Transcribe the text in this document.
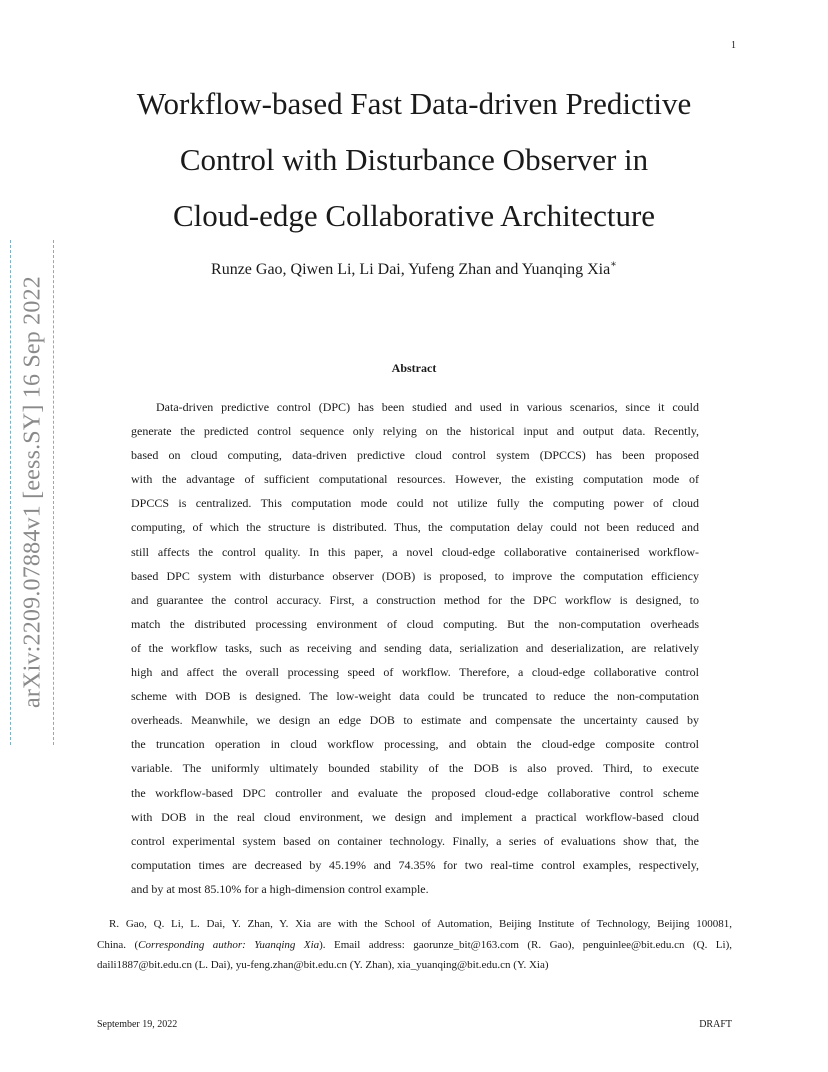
1
arXiv:2209.07884v1 [eess.SY] 16 Sep 2022
Workflow-based Fast Data-driven Predictive
Control with Disturbance Observer in
Cloud-edge Collaborative Architecture
Runze Gao, Qiwen Li, Li Dai, Yufeng Zhan and Yuanqing Xia∗
Abstract
Data-driven predictive control (DPC) has been studied and used in various scenarios, since it could
generate the predicted control sequence only relying on the historical input and output data. Recently,
based on cloud computing, data-driven predictive cloud control system (DPCCS) has been proposed
with the advantage of sufficient computational resources. However, the existing computation mode of
DPCCS is centralized. This computation mode could not utilize fully the computing power of cloud
computing, of which the structure is distributed. Thus, the computation delay could not been reduced and
still affects the control quality. In this paper, a novel cloud-edge collaborative containerised workflow-
based DPC system with disturbance observer (DOB) is proposed, to improve the computation efficiency
and guarantee the control accuracy. First, a construction method for the DPC workflow is designed, to
match the distributed processing environment of cloud computing. But the non-computation overheads
of the workflow tasks, such as receiving and sending data, serialization and deserialization, are relatively
high and affect the overall processing speed of workflow. Therefore, a cloud-edge collaborative control
scheme with DOB is designed. The low-weight data could be truncated to reduce the non-computation
overheads. Meanwhile, we design an edge DOB to estimate and compensate the uncertainty caused by
the truncation operation in cloud workflow processing, and obtain the cloud-edge composite control
variable. The uniformly ultimately bounded stability of the DOB is also proved. Third, to execute
the workflow-based DPC controller and evaluate the proposed cloud-edge collaborative control scheme
with DOB in the real cloud environment, we design and implement a practical workflow-based cloud
control experimental system based on container technology. Finally, a series of evaluations show that, the
computation times are decreased by 45.19% and 74.35% for two real-time control examples, respectively,
and by at most 85.10% for a high-dimension control example.
R. Gao, Q. Li, L. Dai, Y. Zhan, Y. Xia are with the School of Automation, Beijing Institute of Technology, Beijing 100081,
China. (Corresponding author: Yuanqing Xia). Email address: gaorunze_bit@163.com (R. Gao), penguinlee@bit.edu.cn (Q. Li),
daili1887@bit.edu.cn (L. Dai), yu-feng.zhan@bit.edu.cn (Y. Zhan), xia_yuanqing@bit.edu.cn (Y. Xia)
September 19, 2022	DRAFT
